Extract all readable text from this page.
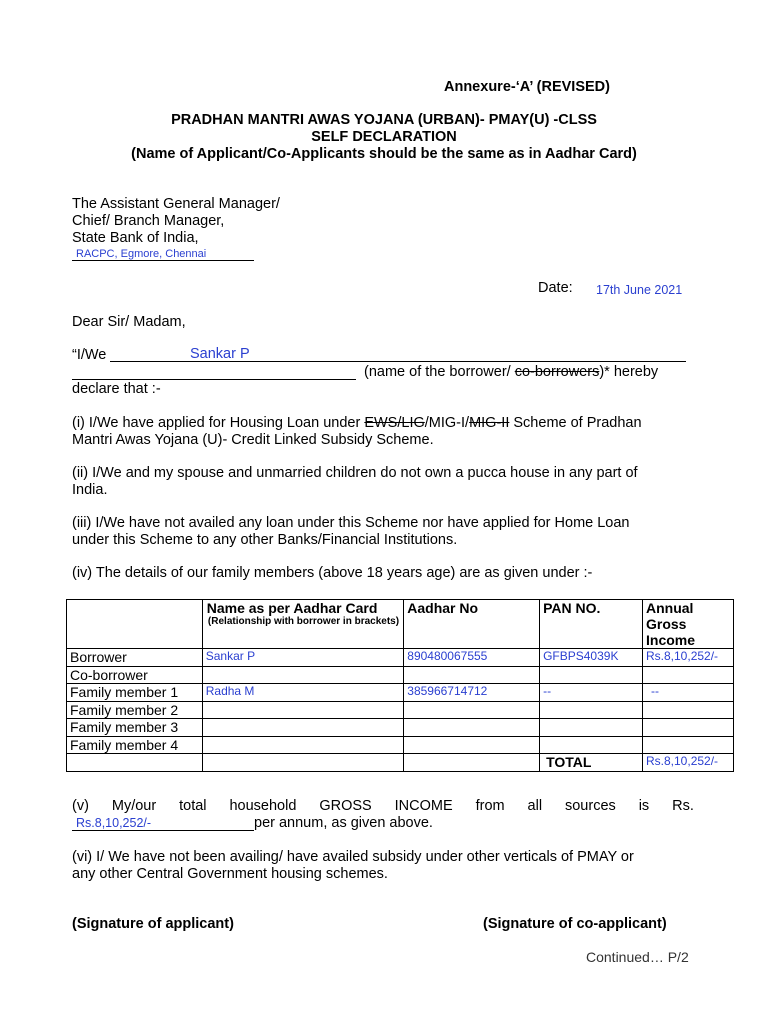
Annexure-‘A’ (REVISED)
PRADHAN MANTRI AWAS YOJANA (URBAN)- PMAY(U) -CLSS
SELF DECLARATION
(Name of Applicant/Co-Applicants should be the same as in Aadhar Card)
The Assistant General Manager/
Chief/ Branch Manager,
State Bank of India,
RACPC, Egmore, Chennai
Date: 17th June 2021
Dear Sir/ Madam,
“I/We	Sankar P
(name of the borrower/ co-borrowers)* hereby
declare that :-
(i) I/We have applied for Housing Loan under EWS/LIG/MIG-I/MIG-II Scheme of Pradhan
Mantri Awas Yojana (U)- Credit Linked Subsidy Scheme.
(ii) I/We and my spouse and unmarried children do not own a pucca house in any part of
India.
(iii) I/We have not availed any loan under this Scheme nor have applied for Home Loan
under this Scheme to any other Banks/Financial Institutions.
(iv) The details of our family members (above 18 years age) are as given under :-
	Name as per Aadhar Card
(Relationship with borrower in brackets)	Aadhar No	PAN NO.	Annual Gross Income
Borrower	Sankar P	890480067555	GFBPS4039K	Rs.8,10,252/-
Co-borrower				
Family member 1	Radha M	385966714712	--	--
Family member 2				
Family member 3				
Family member 4				
			TOTAL	Rs.8,10,252/-
(v) My/our total household GROSS INCOME from all sources is Rs.
Rs.8,10,252/-	per annum, as given above.
(vi) I/ We have not been availing/ have availed subsidy under other verticals of PMAY or
any other Central Government housing schemes.
(Signature of applicant)	(Signature of co-applicant)
Continued… P/2
